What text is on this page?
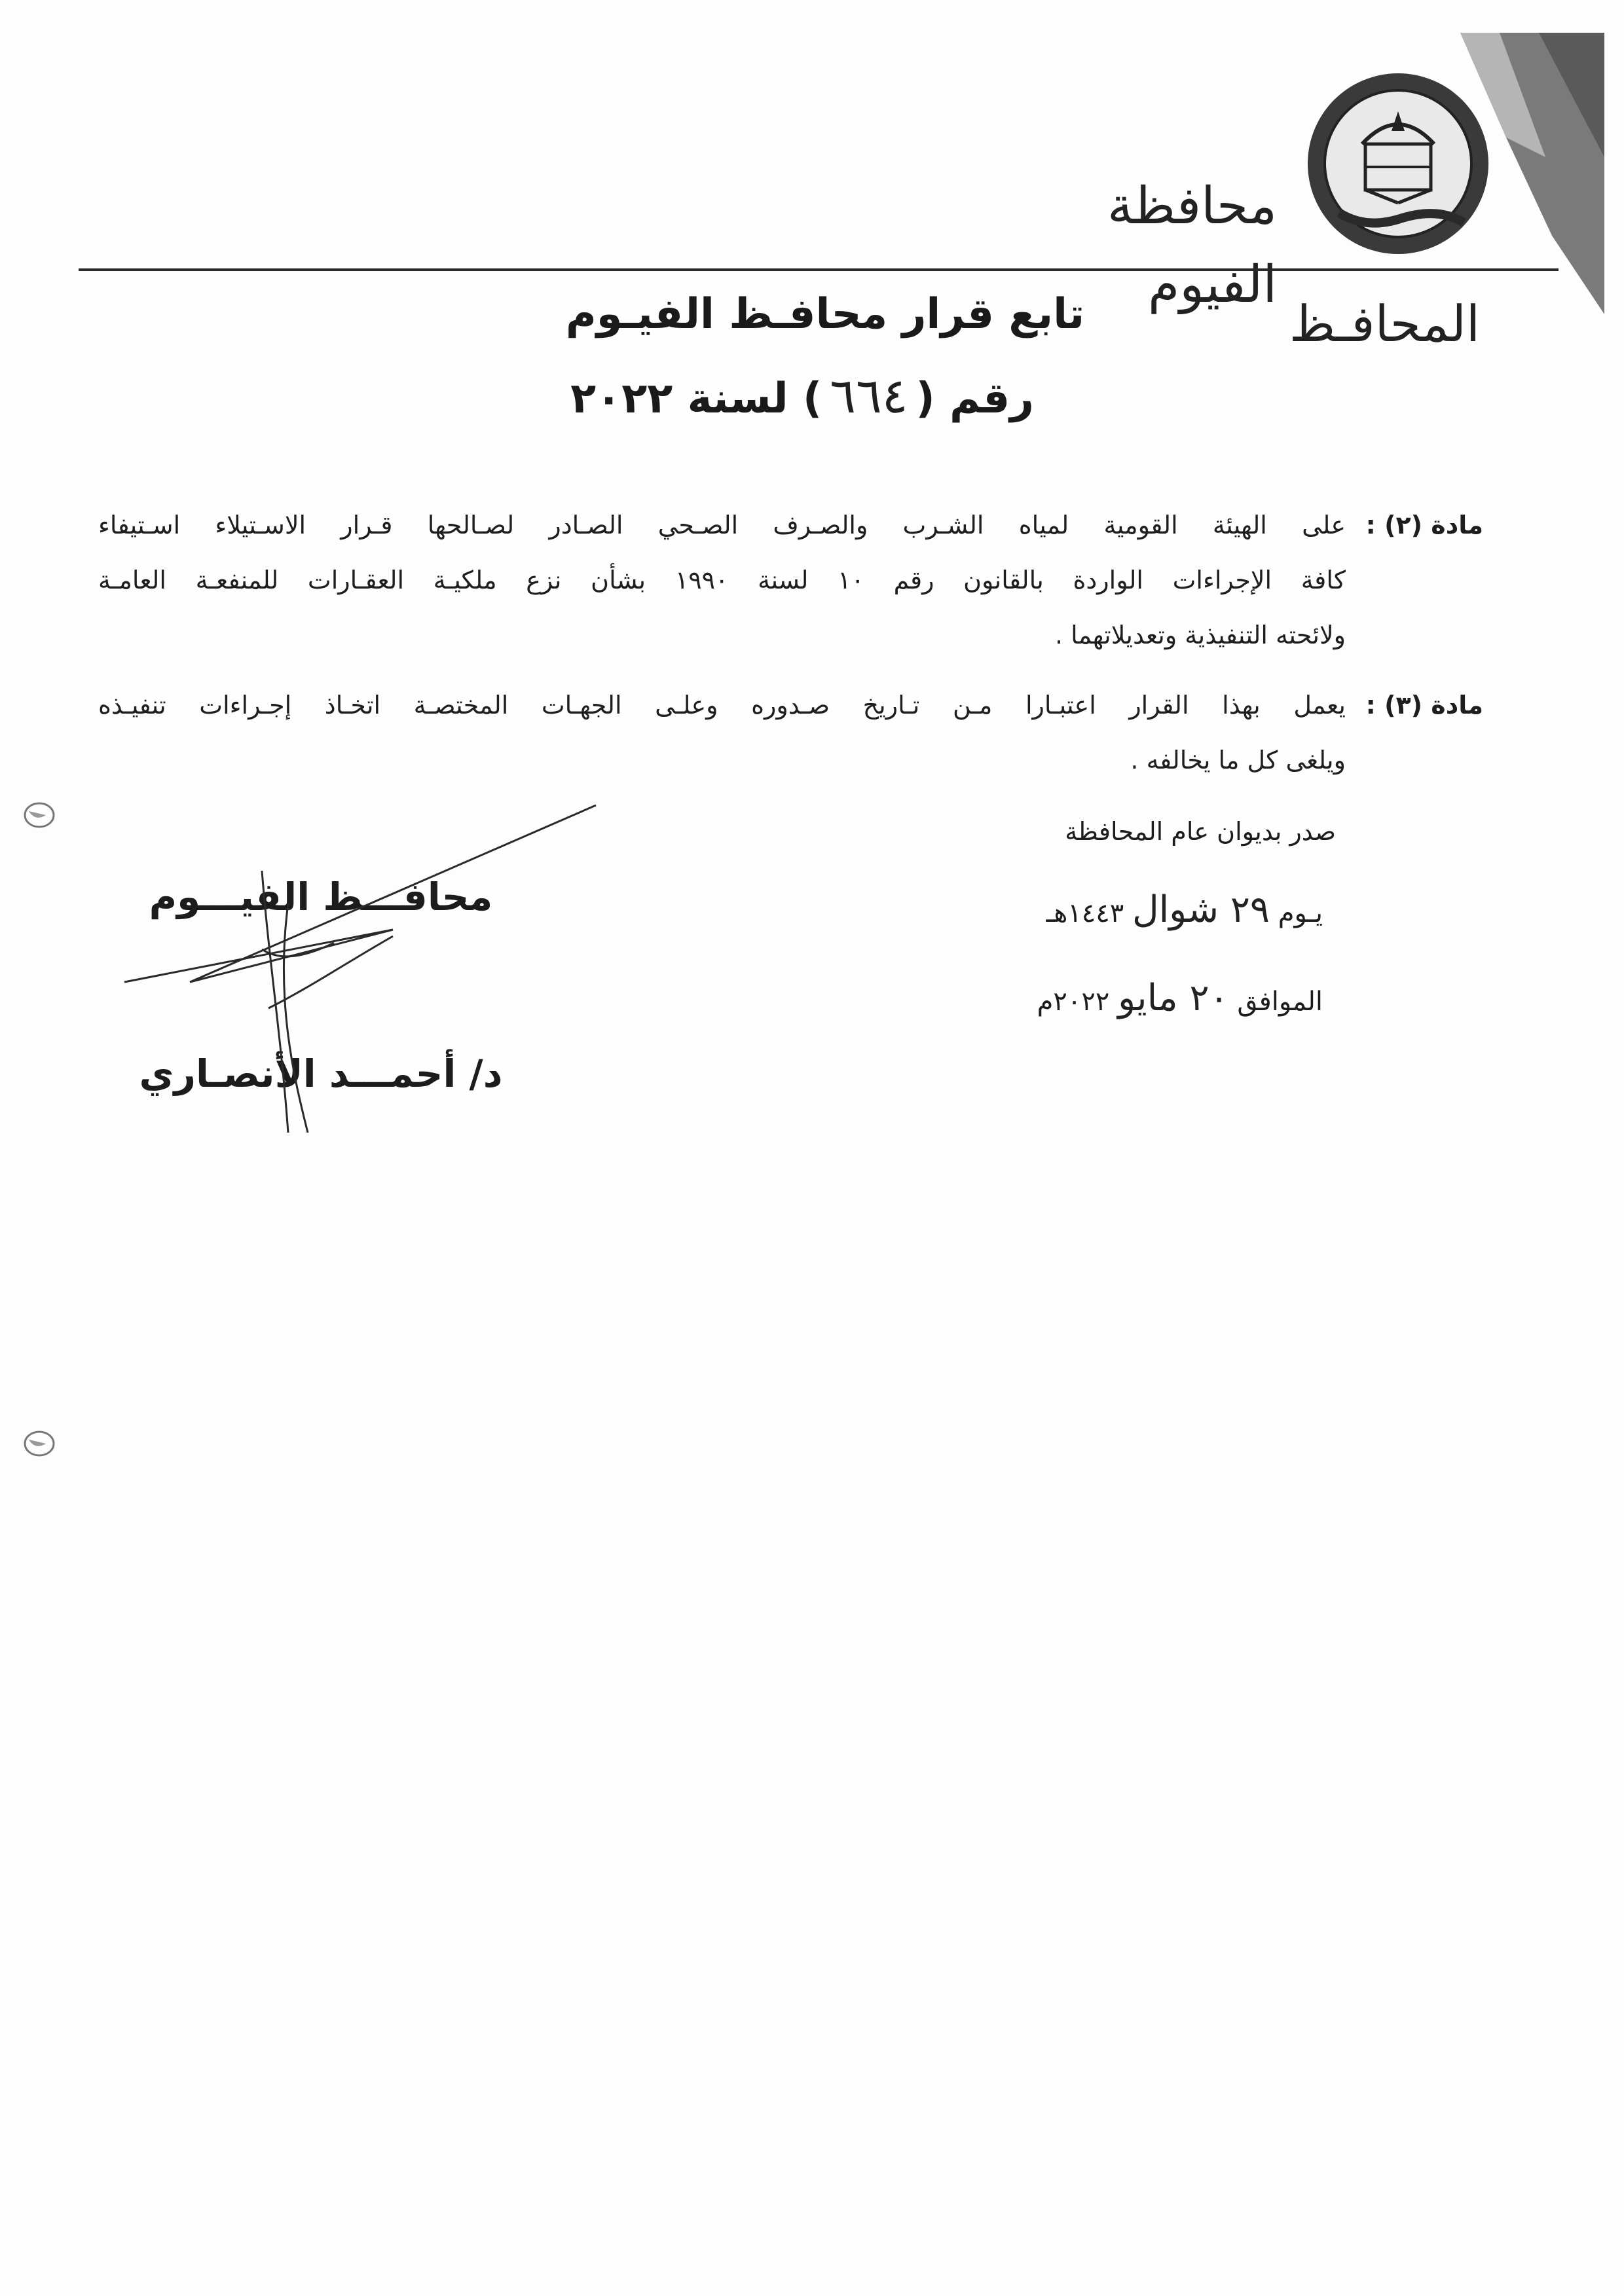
محافظة الفيوم
المحافـظ
تابع قرار محافـظ الفيـوم
رقم (٦٦٤) لسنة ٢٠٢٢
مادة (٢) :
على الهيئة القومية لمياه الشـرب والصـرف الصـحي الصـادر لصـالحها قـرار الاسـتيلاء اسـتيفاء
كافة الإجراءات الواردة بالقانون رقم ١٠ لسنة ١٩٩٠ بشأن نزع ملكيـة العقـارات للمنفعـة العامـة
ولائحته التنفيذية وتعديلاتهما .
مادة (٣) :
يعمل بهذا القرار اعتبـارا مـن تـاريخ صـدوره وعلـى الجهـات المختصـة اتخـاذ إجـراءات تنفيـذه
ويلغى كل ما يخالفه .
صدر بديوان عام المحافظة
يـوم ٢٩ شوال ١٤٤٣هـ
الموافق ٢٠ مايو ٢٠٢٢م
محافـــظ الفيـــوم
د/ أحمـــد الأنصـاري
